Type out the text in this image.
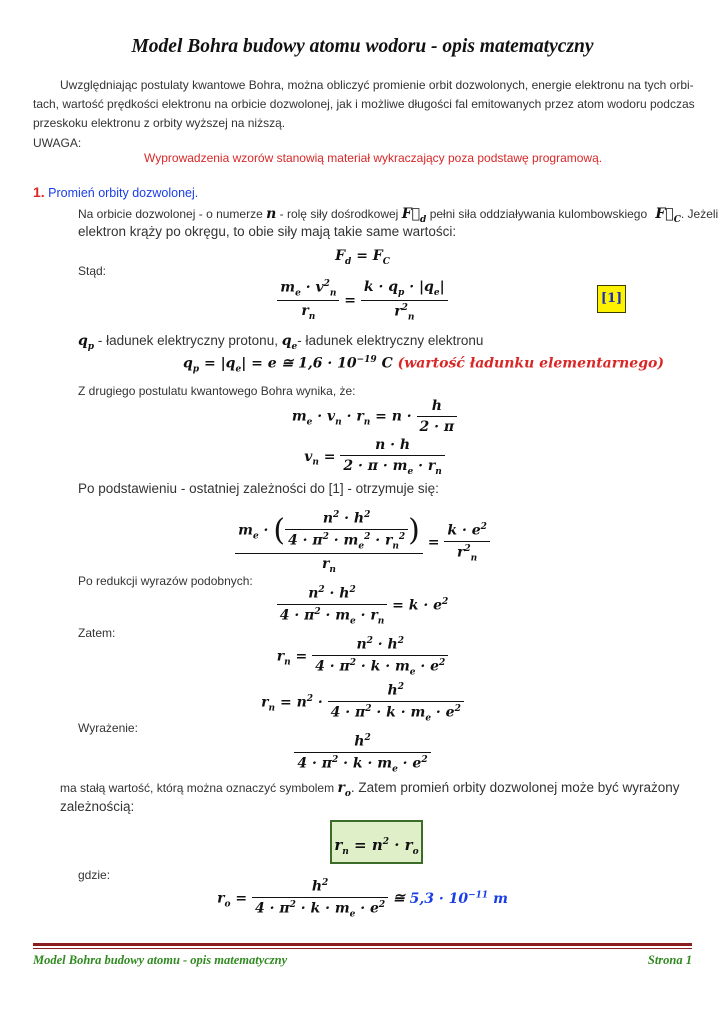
Model Bohra budowy atomu wodoru - opis matematyczny
Uwzględniając postulaty kwantowe Bohra, można obliczyć promienie orbit dozwolonych, energie elektronu na tych orbi-
tach, wartość prędkości elektronu na orbicie dozwolonej, jak i możliwe długości fal emitowanych przez atom wodoru podczas
przeskoku elektronu z orbity wyższej na niższą.
UWAGA:
Wyprowadzenia wzorów stanowią materiał wykraczający poza podstawę programową.
1. Promień orbity dozwolonej.
Na orbicie dozwolonej - o numerze n - rolę siły dośrodkowej $F⃗_d$ pełni siła oddziaływania kulombowskiego  $F⃗_C$. Jeżeli
elektron krąży po okręgu, to obie siły mają takie same wartości:
$F_d = F_C$
Stąd:
$\frac{m_e \cdot v^2_n}{r_n} = \frac{k \cdot q_p \cdot |q_e|}{r^2_n}$	[1]
$q_p$ - ładunek elektryczny protonu, $q_e-$ ładunek elektryczny elektronu
$q_p = |q_e| = e$ ≅ $1,6 \cdot 10^{-19}$ C (wartość ładunku elementarnego)
Z drugiego postulatu kwantowego Bohra wynika, że:
$m_e \cdot v_n \cdot r_n = n \cdot \frac{h}{2 \cdot \pi}$
$v_n = \frac{n \cdot h}{2 \cdot \pi \cdot m_e \cdot r_n}$
Po podstawieniu - ostatniej zależności do [1] - otrzymuje się:
$\frac{m_e \cdot ( \frac{n^2 \cdot h^2}{4 \cdot \pi^2 \cdot m_e^2 \cdot r_n^2} )}{r_n} = \frac{k \cdot e^2}{r^2_n}$
Po redukcji wyrazów podobnych:
$\frac{n^2 \cdot h^2}{4 \cdot \pi^2 \cdot m_e \cdot r_n} = k \cdot e^2$
Zatem:
$r_n = \frac{n^2 \cdot h^2}{4 \cdot \pi^2 \cdot k \cdot m_e \cdot e^2}$
$r_n = n^2 \cdot \frac{h^2}{4 \cdot \pi^2 \cdot k \cdot m_e \cdot e^2}$
Wyrażenie:
$\frac{h^2}{4 \cdot \pi^2 \cdot k \cdot m_e \cdot e^2}$
ma stałą wartość, którą można oznaczyć symbolem $r_o$. Zatem promień orbity dozwolonej może być wyrażony
zależnością:
$r_n = n^2 \cdot r_o$
gdzie:
$r_o = \frac{h^2}{4 \cdot \pi^2 \cdot k \cdot m_e \cdot e^2}$ ≅ $5,3 \cdot 10^{-11}$ m
Model Bohra budowy atomu - opis matematyczny	Strona 1
